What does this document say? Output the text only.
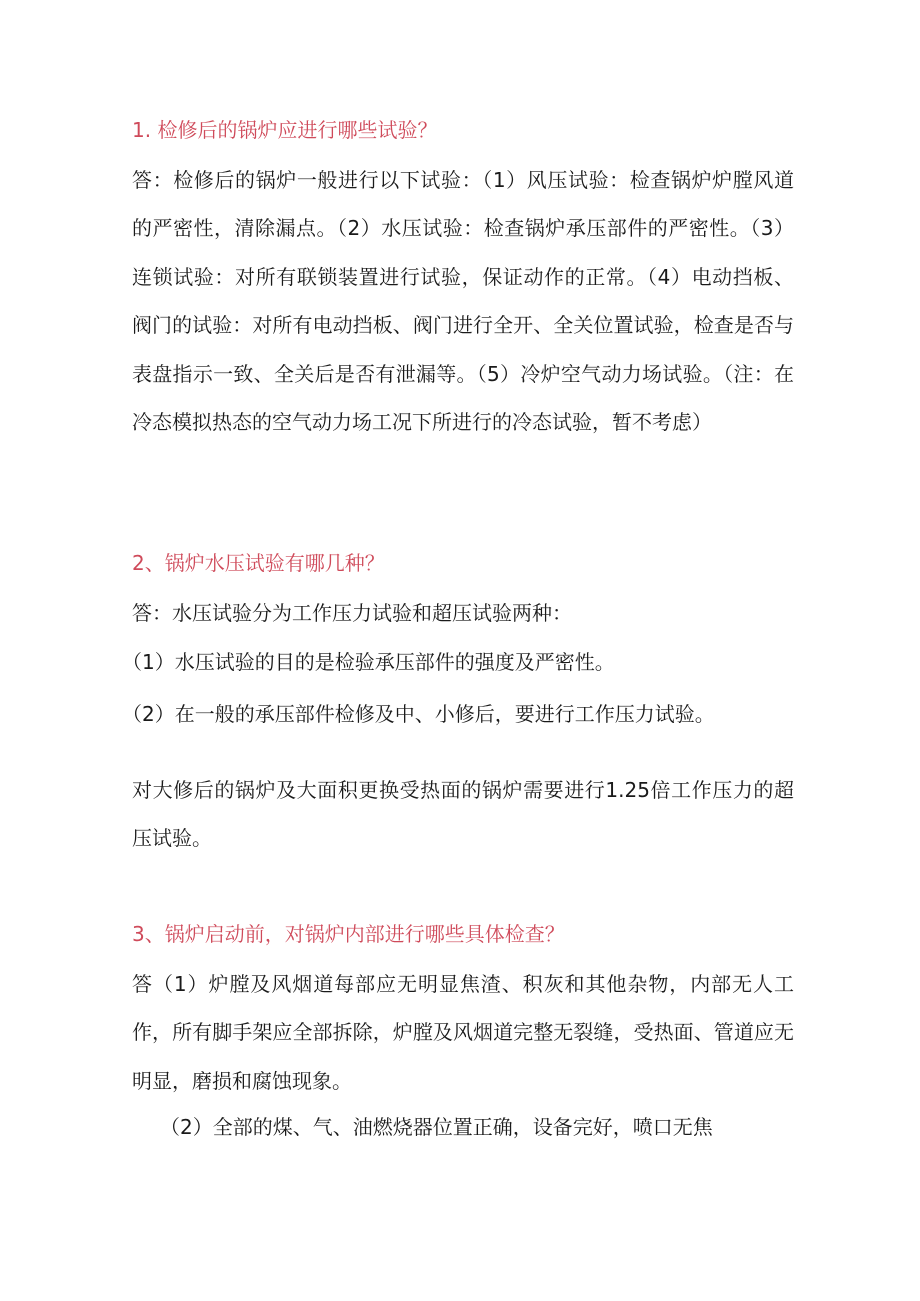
1. 检修后的锅炉应进行哪些试验？

答：检修后的锅炉一般进行以下试验：（1）风压试验：检查锅炉炉膛风道的严密性，清除漏点。（2）水压试验：检查锅炉承压部件的严密性。（3）连锁试验：对所有联锁装置进行试验，保证动作的正常。（4）电动挡板、阀门的试验：对所有电动挡板、阀门进行全开、全关位置试验，检查是否与表盘指示一致、全关后是否有泄漏等。（5）冷炉空气动力场试验。（注：在冷态模拟热态的空气动力场工况下所进行的冷态试验，暂不考虑）

2、锅炉水压试验有哪几种？

答：水压试验分为工作压力试验和超压试验两种：

（1）水压试验的目的是检验承压部件的强度及严密性。

（2）在一般的承压部件检修及中、小修后，要进行工作压力试验。

对大修后的锅炉及大面积更换受热面的锅炉需要进行1.25倍工作压力的超压试验。

3、锅炉启动前，对锅炉内部进行哪些具体检查？

答（1）炉膛及风烟道每部应无明显焦渣、积灰和其他杂物，内部无人工作，所有脚手架应全部拆除，炉膛及风烟道完整无裂缝，受热面、管道应无明显，磨损和腐蚀现象。

（2）全部的煤、气、油燃烧器位置正确，设备完好，喷口无焦
